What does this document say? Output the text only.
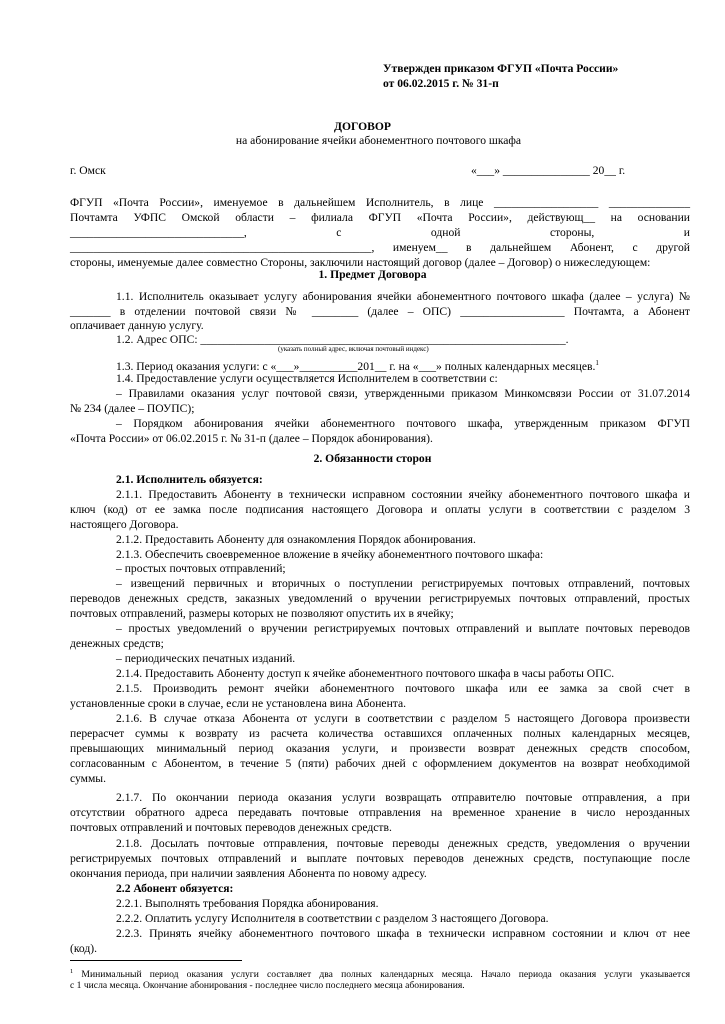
Утвержден приказом ФГУП «Почта России»
от 06.02.2015 г. № 31-п
ДОГОВОР
на абонирование ячейки абонементного почтового шкафа
г. Омск	«___» _______________ 20__ г.
ФГУП «Почта России», именуемое в дальнейшем Исполнитель, в лице __________________ ______________
Почтамта УФПС Омской области – филиала ФГУП «Почта России», действующ__ на основании
______________________________, с одной стороны, и
____________________________________________________, именуем__ в дальнейшем Абонент, с другой
стороны, именуемые далее совместно Стороны, заключили настоящий договор (далее – Договор) о нижеследующем:
1. Предмет Договора
1.1. Исполнитель оказывает услугу абонирования ячейки абонементного почтового шкафа (далее – услуга) №
_______ в отделении почтовой связи № ________ (далее – ОПС) __________________ Почтамта, а Абонент
оплачивает данную услугу.
1.2. Адрес ОПС: _______________________________________________________________.
(указать полный адрес, включая почтовый индекс)
1.3. Период оказания услуги: с «___»__________201__ г. на «___» полных календарных месяцев.$^1$
1.4. Предоставление услуги осуществляется Исполнителем в соответствии с:
– Правилами оказания услуг почтовой связи, утвержденными приказом Минкомсвязи России от 31.07.2014
№ 234 (далее – ПОУПС);
– Порядком абонирования ячейки абонементного почтового шкафа, утвержденным приказом ФГУП
«Почта России» от 06.02.2015 г. № 31-п (далее – Порядок абонирования).
2. Обязанности сторон
2.1. Исполнитель обязуется:
2.1.1. Предоставить Абоненту в технически исправном состоянии ячейку абонементного почтового шкафа и
ключ (код) от ее замка после подписания настоящего Договора и оплаты услуги в соответствии с разделом 3
настоящего Договора.
2.1.2. Предоставить Абоненту для ознакомления Порядок абонирования.
2.1.3. Обеспечить своевременное вложение в ячейку абонементного почтового шкафа:
– простых почтовых отправлений;
– извещений первичных и вторичных о поступлении регистрируемых почтовых отправлений, почтовых
переводов денежных средств, заказных уведомлений о вручении регистрируемых почтовых отправлений, простых
почтовых отправлений, размеры которых не позволяют опустить их в ячейку;
– простых уведомлений о вручении регистрируемых почтовых отправлений и выплате почтовых переводов
денежных средств;
– периодических печатных изданий.
2.1.4. Предоставить Абоненту доступ к ячейке абонементного почтового шкафа в часы работы ОПС.
2.1.5. Производить ремонт ячейки абонементного почтового шкафа или ее замка за свой счет в
установленные сроки в случае, если не установлена вина Абонента.
2.1.6. В случае отказа Абонента от услуги в соответствии с разделом 5 настоящего Договора произвести
перерасчет суммы к возврату из расчета количества оставшихся оплаченных полных календарных месяцев,
превышающих минимальный период оказания услуги, и произвести возврат денежных средств способом,
согласованным с Абонентом, в течение 5 (пяти) рабочих дней с оформлением документов на возврат необходимой
суммы.
2.1.7. По окончании периода оказания услуги возвращать отправителю почтовые отправления, а при
отсутствии обратного адреса передавать почтовые отправления на временное хранение в число нерозданных
почтовых отправлений и почтовых переводов денежных средств.
2.1.8. Досылать почтовые отправления, почтовые переводы денежных средств, уведомления о вручении
регистрируемых почтовых отправлений и выплате почтовых переводов денежных средств, поступающие после
окончания периода, при наличии заявления Абонента по новому адресу.
2.2 Абонент обязуется:
2.2.1. Выполнять требования Порядка абонирования.
2.2.2. Оплатить услугу Исполнителя в соответствии с разделом 3 настоящего Договора.
2.2.3. Принять ячейку абонементного почтового шкафа в технически исправном состоянии и ключ от нее
(код).
$^1$ Минимальный период оказания услуги составляет два полных календарных месяца. Начало периода оказания услуги указывается
с 1 числа месяца. Окончание абонирования - последнее число последнего месяца абонирования.
